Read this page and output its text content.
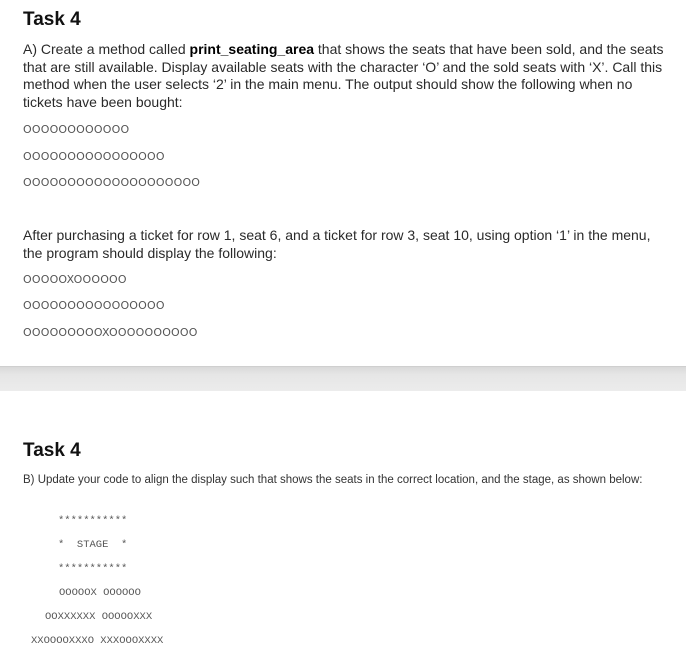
Task 4

A) Create a method called print_seating_area that shows the seats that have been sold, and the seats that are still available. Display available seats with the character ‘O’ and the sold seats with ‘X’. Call this method when the user selects ‘2’ in the main menu. The output should show the following when no tickets have been bought:

OOOOOOOOOOOO
OOOOOOOOOOOOOOOO
OOOOOOOOOOOOOOOOOOOO

After purchasing a ticket for row 1, seat 6, and a ticket for row 3, seat 10, using option ‘1’ in the menu, the program should display the following:

OOOOOXOOOOOO
OOOOOOOOOOOOOOOO
OOOOOOOOOXOOOOOOOOOO
Task 4

B) Update your code to align the display such that shows the seats in the correct location, and the stage, as shown below:

***********
*  STAGE  *
***********
OOOOOX OOOOOO
OOXXXXXX OOOOOXXX
XXOOOOXXXO XXXOOOXXXX
